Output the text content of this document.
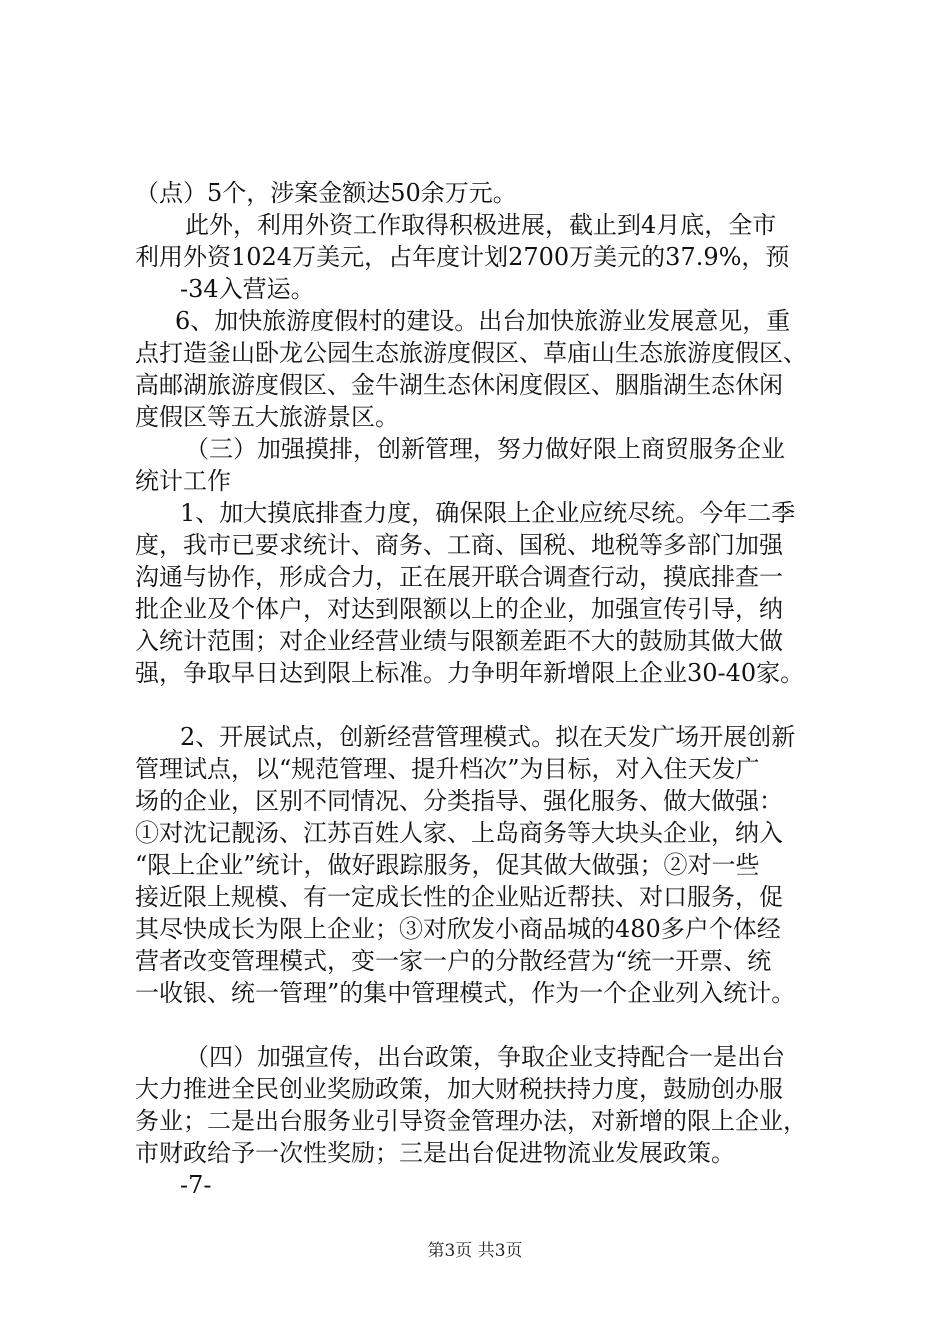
（点）5个，涉案金额达50余万元。
此外，利用外资工作取得积极进展，截止到4月底，全市
利用外资1024万美元，占年度计划2700万美元的37.9%，预
-34入营运。
6、加快旅游度假村的建设。出台加快旅游业发展意见，重
点打造釜山卧龙公园生态旅游度假区、草庙山生态旅游度假区、
高邮湖旅游度假区、金牛湖生态休闲度假区、胭脂湖生态休闲
度假区等五大旅游景区。
（三）加强摸排，创新管理，努力做好限上商贸服务企业
统计工作
1、加大摸底排查力度，确保限上企业应统尽统。今年二季
度，我市已要求统计、商务、工商、国税、地税等多部门加强
沟通与协作，形成合力，正在展开联合调查行动，摸底排查一
批企业及个体户，对达到限额以上的企业，加强宣传引导，纳
入统计范围；对企业经营业绩与限额差距不大的鼓励其做大做
强，争取早日达到限上标准。力争明年新增限上企业30-40家。
2、开展试点，创新经营管理模式。拟在天发广场开展创新
管理试点，以“规范管理、提升档次”为目标，对入住天发广
场的企业，区别不同情况、分类指导、强化服务、做大做强：
①对沈记靓汤、江苏百姓人家、上岛商务等大块头企业，纳入
“限上企业”统计，做好跟踪服务，促其做大做强；②对一些
接近限上规模、有一定成长性的企业贴近帮扶、对口服务，促
其尽快成长为限上企业；③对欣发小商品城的480多户个体经
营者改变管理模式，变一家一户的分散经营为“统一开票、统
一收银、统一管理”的集中管理模式，作为一个企业列入统计。
（四）加强宣传，出台政策，争取企业支持配合一是出台
大力推进全民创业奖励政策，加大财税扶持力度，鼓励创办服
务业；二是出台服务业引导资金管理办法，对新增的限上企业，
市财政给予一次性奖励；三是出台促进物流业发展政策。
-7-
第3页 共3页
